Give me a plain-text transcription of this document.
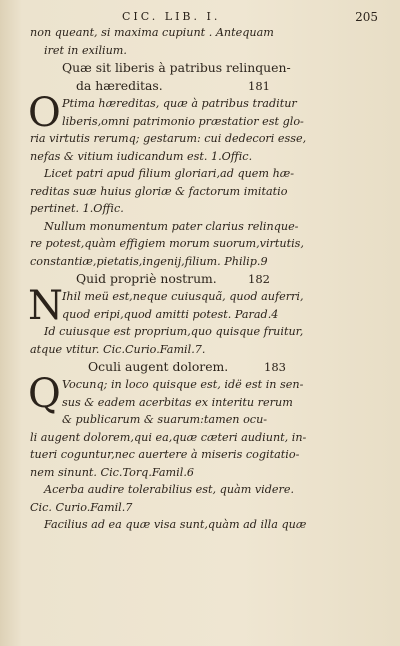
CIC. LIB. I.	205
non queant, si maxima cupiunt . Antequam
iret in exilium.
Quæ sit liberis à patribus relinquen-
da hæreditas.	181
O Ptima hæreditas, quæ à patribus traditur
liberis,omni patrimonio præstatior est glo-
ria virtutis rerumq; gestarum: cui dedecori esse,
nefas & vitium iudicandum est. 1.Offic.
Licet patri apud filium gloriari,ad quem hæ-
reditas suæ huius gloriæ & factorum imitatio
pertinet. 1.Offic.
Nullum monumentum pater clarius relinque-
re potest,quàm effigiem morum suorum,virtutis,
constantiæ,pietatis,ingenij,filium. Philip.9
Quid propriè nostrum.	182
N Ihil meü est,neque cuiusquã, quod auferri,
quod eripi,quod amitti potest. Parad.4
Id cuiusque est proprium,quo quisque fruitur,
atque vtitur. Cic.Curio.Famil.7.
Oculi augent dolorem.	183
Q Vocunq; in loco quisque est, idë est in sen-
sus & eadem acerbitas ex interitu rerum
& publicarum & suarum:tamen ocu-
li augent dolorem,qui ea,quæ cæteri audiunt, in-
tueri coguntur,nec auertere à miseris cogitatio-
nem sinunt. Cic.Torq.Famil.6
Acerba audire tolerabilius est, quàm videre.
Cic. Curio.Famil.7
Facilius ad ea quæ visa sunt,quàm ad illa quæ
